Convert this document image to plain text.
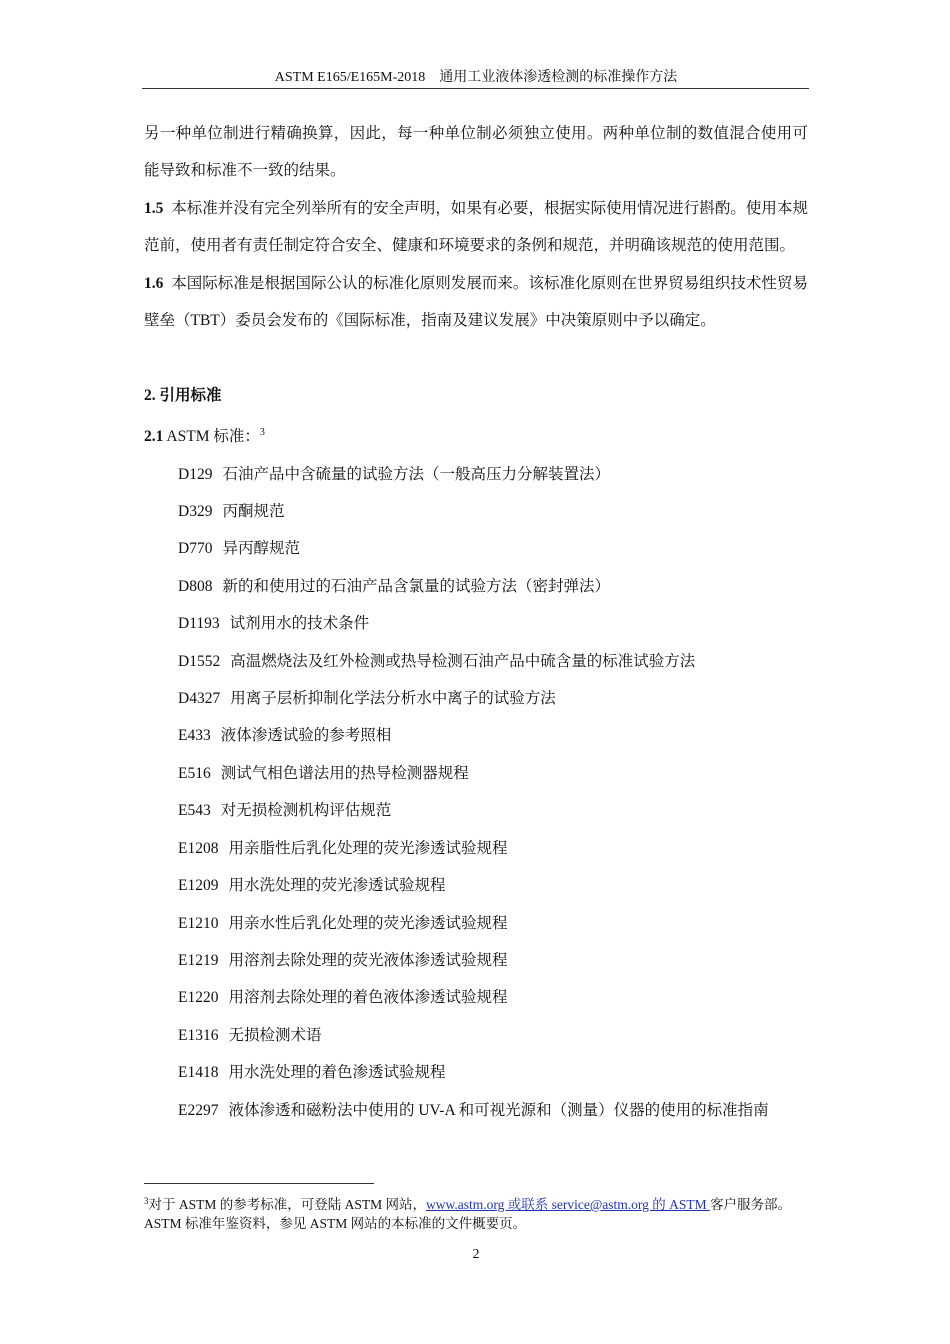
ASTM E165/E165M-2018　通用工业液体渗透检测的标准操作方法

另一种单位制进行精确换算，因此，每一种单位制必须独立使用。两种单位制的数值混合使用可能导致和标准不一致的结果。

1.5 本标准并没有完全列举所有的安全声明，如果有必要，根据实际使用情况进行斟酌。使用本规范前，使用者有责任制定符合安全、健康和环境要求的条例和规范，并明确该规范的使用范围。

1.6 本国际标准是根据国际公认的标准化原则发展而来。该标准化原则在世界贸易组织技术性贸易壁垒（TBT）委员会发布的《国际标准，指南及建议发展》中决策原则中予以确定。

2. 引用标准

2.1 ASTM 标准：$^3$

D129 石油产品中含硫量的试验方法（一般高压力分解装置法）

D329 丙酮规范

D770 异丙醇规范

D808 新的和使用过的石油产品含氯量的试验方法（密封弹法）

D1193 试剂用水的技术条件

D1552 高温燃烧法及红外检测或热导检测石油产品中硫含量的标准试验方法

D4327 用离子层析抑制化学法分析水中离子的试验方法

E433 液体渗透试验的参考照相

E516 测试气相色谱法用的热导检测器规程

E543 对无损检测机构评估规范

E1208 用亲脂性后乳化处理的荧光渗透试验规程

E1209 用水洗处理的荧光渗透试验规程

E1210 用亲水性后乳化处理的荧光渗透试验规程

E1219 用溶剂去除处理的荧光液体渗透试验规程

E1220 用溶剂去除处理的着色液体渗透试验规程

E1316 无损检测术语

E1418 用水洗处理的着色渗透试验规程

E2297 液体渗透和磁粉法中使用的 UV-A 和可视光源和（测量）仪器的使用的标准指南

$^3$对于 ASTM 的参考标准，可登陆 ASTM 网站，www.astm.org 或联系 service@astm.org 的 ASTM 客户服务部。ASTM 标准年鉴资料，参见 ASTM 网站的本标准的文件概要页。
2
